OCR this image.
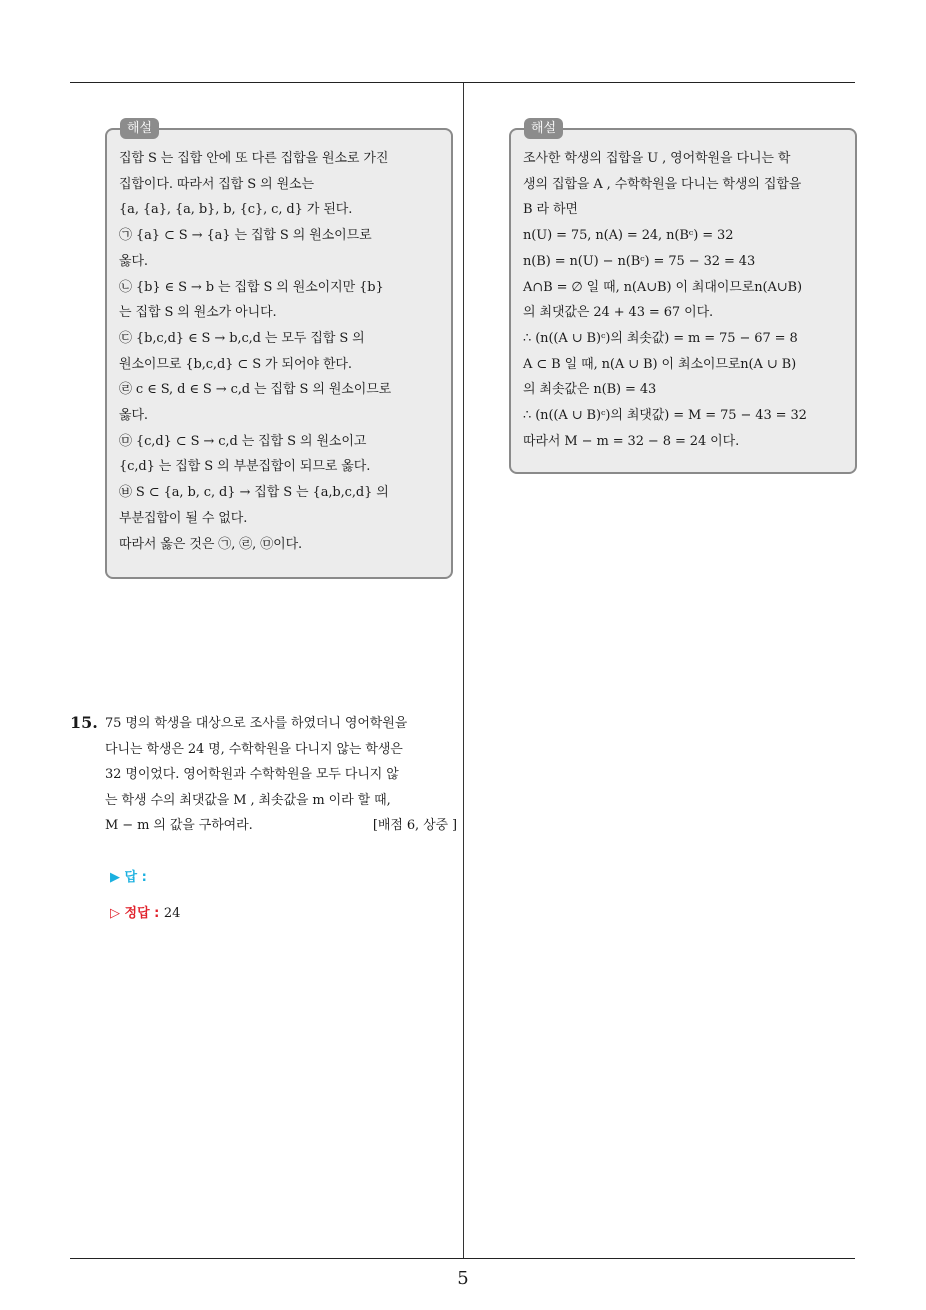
집합 S 는 집합 안에 또 다른 집합을 원소로 가진
집합이다. 따라서 집합 S 의 원소는
{a, {a}, {a, b}, b, {c}, c, d} 가 된다.
㉠ {a} ⊂ S → {a} 는 집합 S 의 원소이므로
옳다.
㉡ {b} ∈ S → b 는 집합 S 의 원소이지만 {b}
는 집합 S 의 원소가 아니다.
㉢ {b,c,d} ∈ S → b,c,d 는 모두 집합 S 의
원소이므로 {b,c,d} ⊂ S 가 되어야 한다.
㉣ c ∈ S, d ∈ S → c,d 는 집합 S 의 원소이므로
옳다.
㉤ {c,d} ⊂ S → c,d 는 집합 S 의 원소이고
{c,d} 는 집합 S 의 부분집합이 되므로 옳다.
㉥ S ⊂ {a, b, c, d} → 집합 S 는 {a,b,c,d} 의
부분집합이 될 수 없다.
따라서 옳은 것은 ㉠, ㉣, ㉤이다.
해설
조사한 학생의 집합을 U , 영어학원을 다니는 학
생의 집합을 A , 수학학원을 다니는 학생의 집합을
B 라 하면
n(U) = 75, n(A) = 24, n(Bᶜ) = 32
n(B) = n(U) − n(Bᶜ) = 75 − 32 = 43
A∩B = ∅ 일 때, n(A∪B) 이 최대이므로n(A∪B)
의 최댓값은 24 + 43 = 67 이다.
∴ (n((A ∪ B)ᶜ)의 최솟값) = m = 75 − 67 = 8
A ⊂ B 일 때, n(A ∪ B) 이 최소이므로n(A ∪ B)
의 최솟값은 n(B) = 43
∴ (n((A ∪ B)ᶜ)의 최댓값) = M = 75 − 43 = 32
따라서 M − m = 32 − 8 = 24 이다.
해설
15. 75 명의 학생을 대상으로 조사를 하였더니 영어학원을
다니는 학생은 24 명, 수학학원을 다니지 않는 학생은
32 명이었다. 영어학원과 수학학원을 모두 다니지 않
는 학생 수의 최댓값을 M , 최솟값을 m 이라 할 때,
M − m 의 값을 구하여라.	[배점 6, 상중 ]
▶ 답 :
▷ 정답 : 24
5
